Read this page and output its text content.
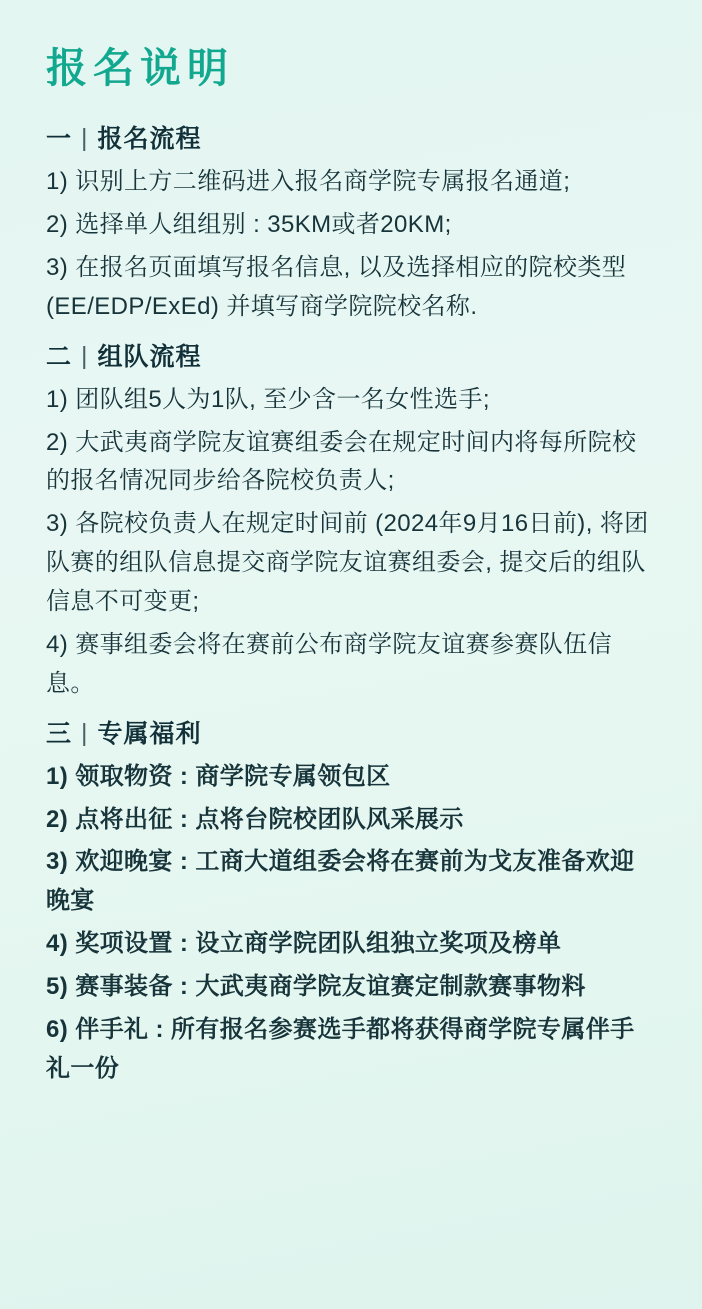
报名说明
一 | 报名流程

1) 识别上方二维码进入报名商学院专属报名通道;

2) 选择单人组组别 : 35KM或者20KM;

3) 在报名页面填写报名信息, 以及选择相应的院校类型 (EE/EDP/ExEd) 并填写商学院院校名称.

二 | 组队流程

1) 团队组5人为1队, 至少含一名女性选手;

2) 大武夷商学院友谊赛组委会在规定时间内将每所院校的报名情况同步给各院校负责人;

3) 各院校负责人在规定时间前 (2024年9月16日前), 将团队赛的组队信息提交商学院友谊赛组委会, 提交后的组队信息不可变更;

4) 赛事组委会将在赛前公布商学院友谊赛参赛队伍信息。

三 | 专属福利

1) 领取物资 : 商学院专属领包区

2) 点将出征 : 点将台院校团队风采展示

3) 欢迎晚宴 : 工商大道组委会将在赛前为戈友准备欢迎晚宴

4) 奖项设置 : 设立商学院团队组独立奖项及榜单

5) 赛事装备 : 大武夷商学院友谊赛定制款赛事物料

6) 伴手礼 : 所有报名参赛选手都将获得商学院专属伴手礼一份
